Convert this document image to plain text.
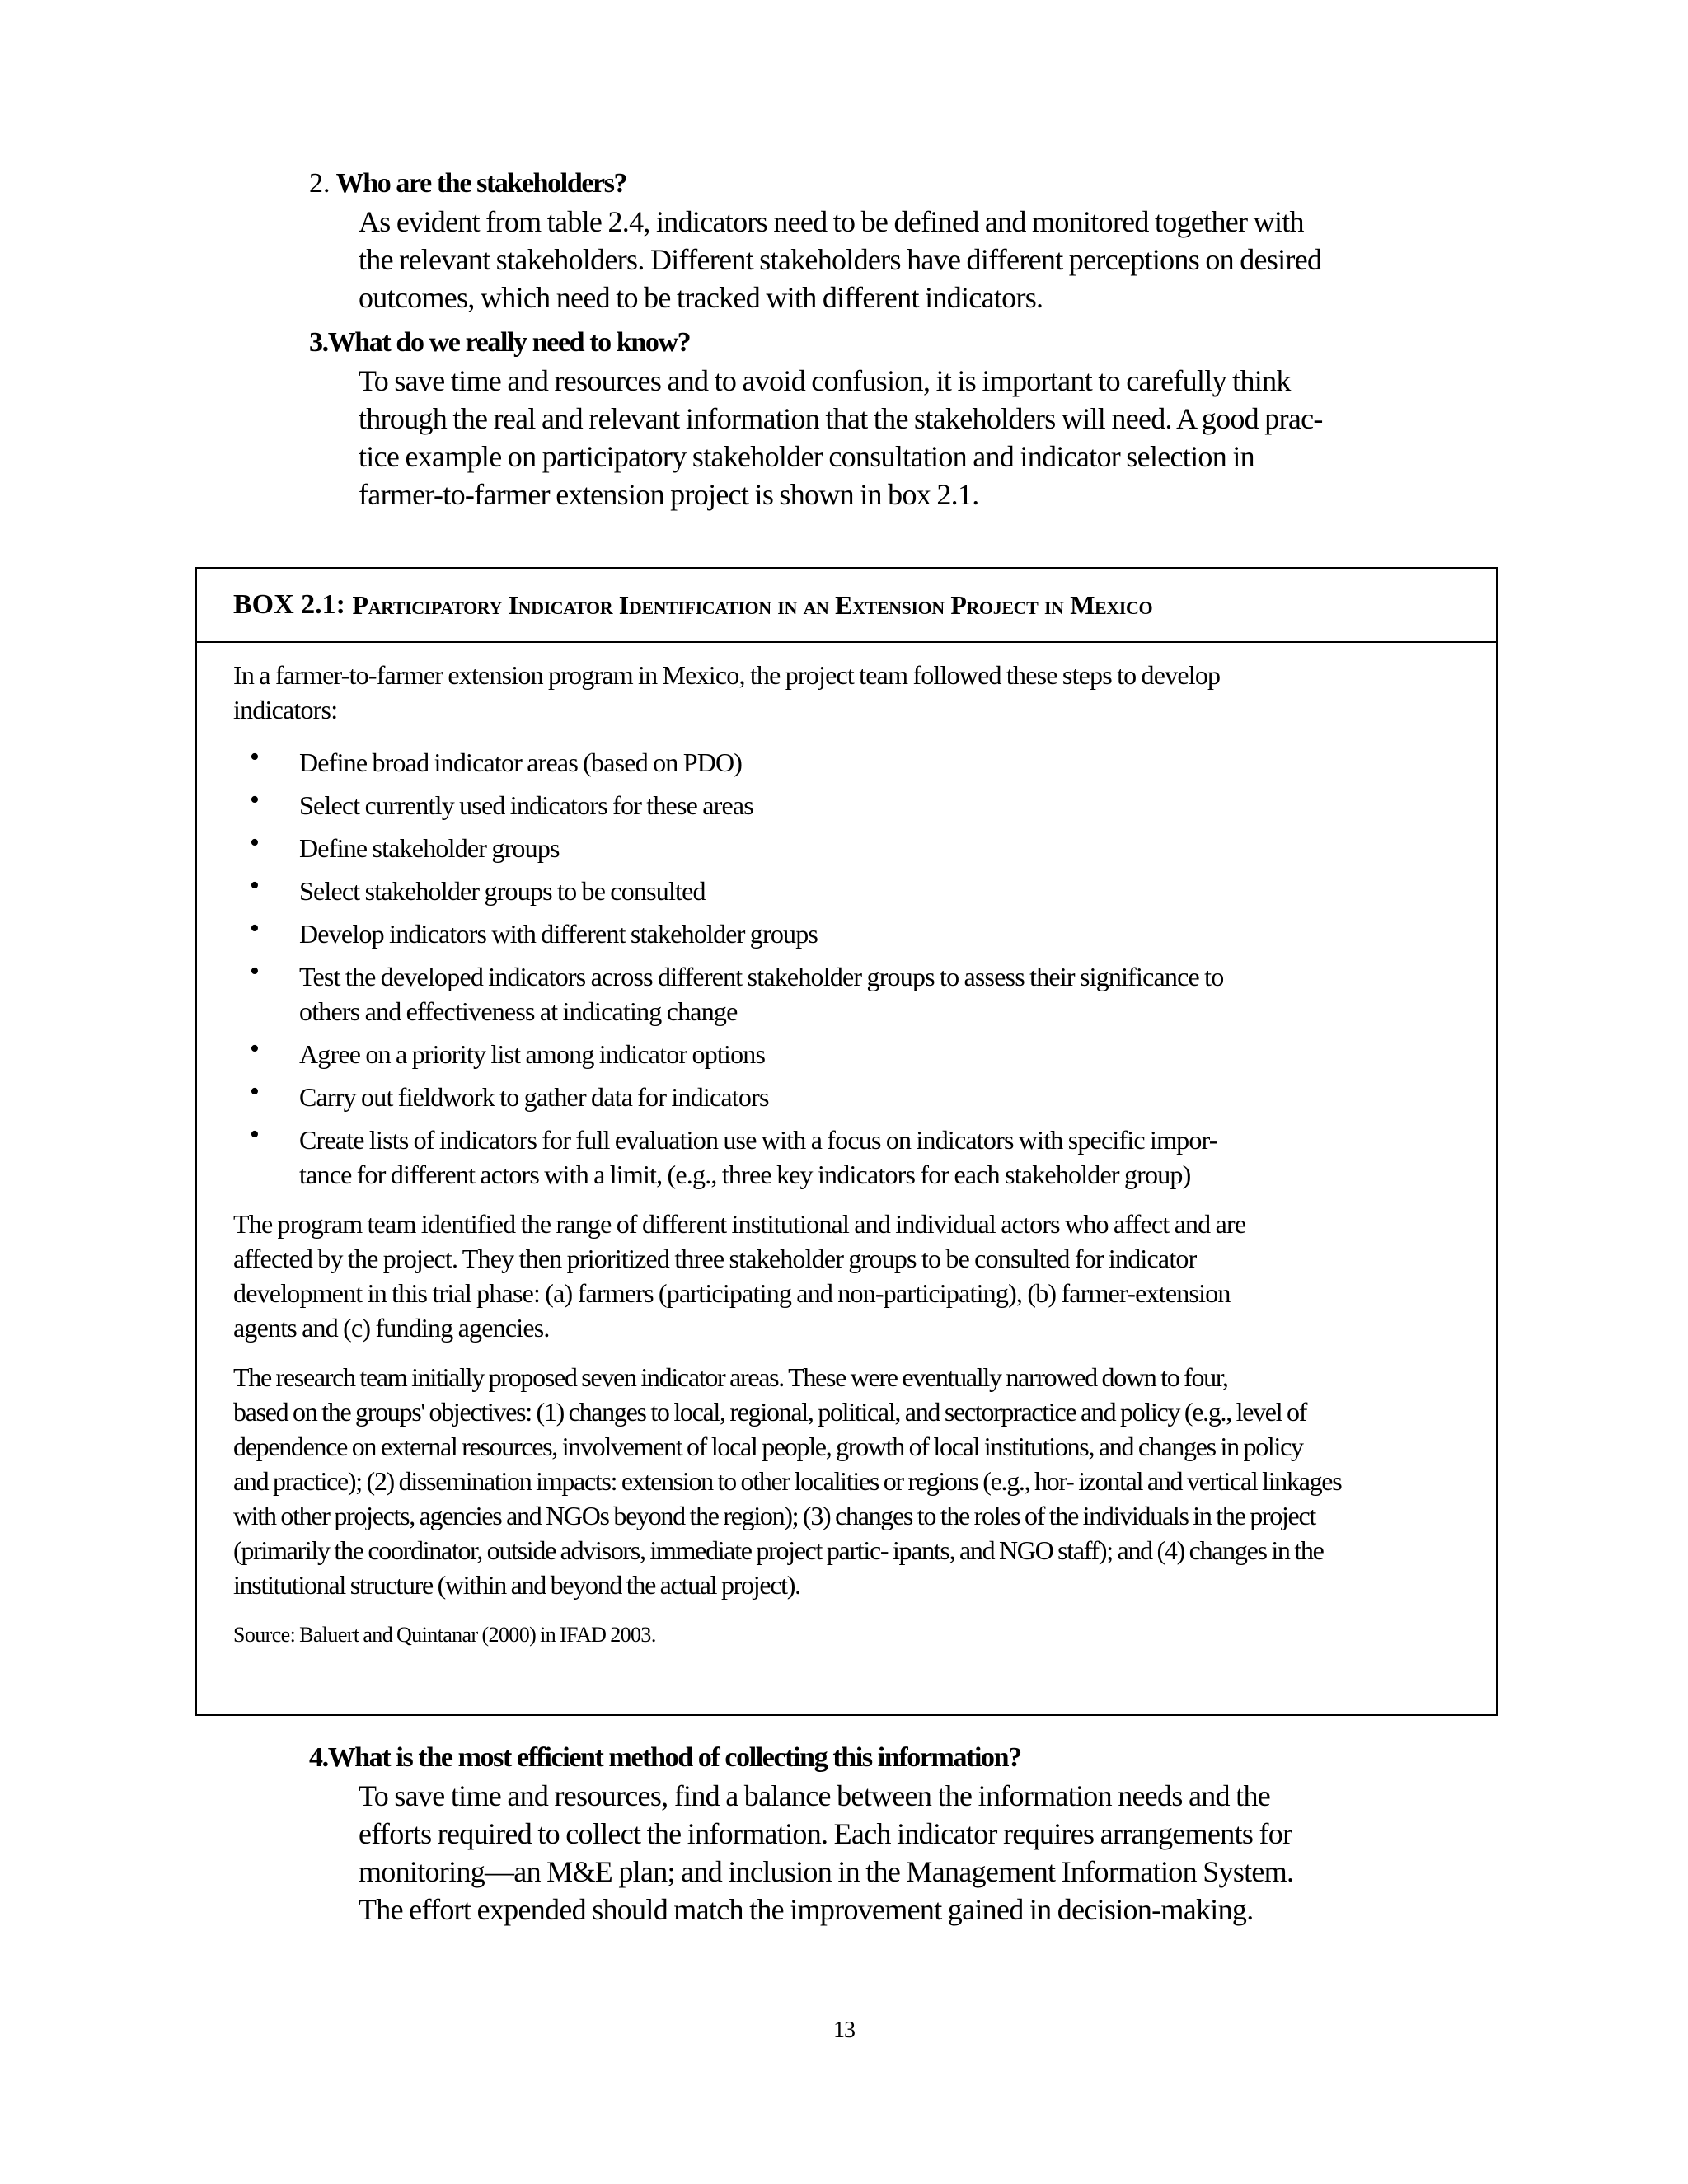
2. Who are the stakeholders?
As evident from table 2.4, indicators need to be defined and monitored together with
the relevant stakeholders. Different stakeholders have different perceptions on desired
outcomes, which need to be tracked with different indicators.
3.What do we really need to know?
To save time and resources and to avoid confusion, it is important to carefully think
through the real and relevant information that the stakeholders will need. A good prac-
tice example on participatory stakeholder consultation and indicator selection in
farmer-to-farmer extension project is shown in box 2.1.
BOX 2.1:
Participatory Indicator Identification in an Extension Project in Mexico
In a farmer-to-farmer extension program in Mexico, the project team followed these steps to develop
indicators:
• Define broad indicator areas (based on PDO)
• Select currently used indicators for these areas
• Define stakeholder groups
• Select stakeholder groups to be consulted
• Develop indicators with different stakeholder groups
• Test the developed indicators across different stakeholder groups to assess their significance to
others and effectiveness at indicating change
• Agree on a priority list among indicator options
• Carry out fieldwork to gather data for indicators
• Create lists of indicators for full evaluation use with a focus on indicators with specific impor-
tance for different actors with a limit, (e.g., three key indicators for each stakeholder group)
The program team identified the range of different institutional and individual actors who affect and are
affected by the project. They then prioritized three stakeholder groups to be consulted for indicator
development in this trial phase: (a) farmers (participating and non-participating), (b) farmer-extension
agents and (c) funding agencies.
The research team initially proposed seven indicator areas. These were eventually narrowed down to four,
based on the groups' objectives: (1) changes to local, regional, political, and sectorpractice and policy (e.g., level of
dependence on external resources, involvement of local people, growth of local institutions, and changes in policy
and practice); (2) dissemination impacts: extension to other localities or regions (e.g., hor- izontal and vertical linkages
with other projects, agencies and NGOs beyond the region); (3) changes to the roles of the individuals in the project
(primarily the coordinator, outside advisors, immediate project partic- ipants, and NGO staff); and (4) changes in the
institutional structure (within and beyond the actual project).
Source: Baluert and Quintanar (2000) in IFAD 2003.
4.What is the most efficient method of collecting this information?
To save time and resources, find a balance between the information needs and the
efforts required to collect the information. Each indicator requires arrangements for
monitoring—an M&E plan; and inclusion in the Management Information System.
The effort expended should match the improvement gained in decision-making.
13
